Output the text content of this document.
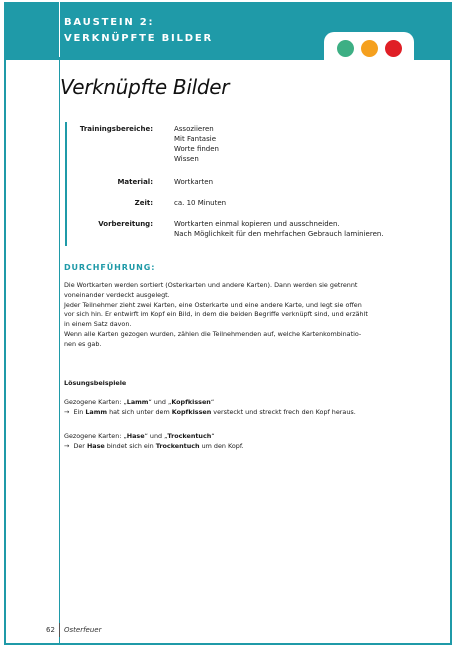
BAUSTEIN 2:
VERKNÜPFTE BILDER
Verknüpfte Bilder
Trainingsbereiche:	Assoziieren
Mit Fantasie
Worte finden
Wissen
Material:	Wortkarten
Zeit:	ca. 10 Minuten
Vorbereitung:	Wortkarten einmal kopieren und ausschneiden.
Nach Möglichkeit für den mehrfachen Gebrauch laminieren.
DURCHFÜHRUNG:
Die Wortkarten werden sortiert (Osterkarten und andere Karten). Dann werden sie getrennt
voneinander verdeckt ausgelegt.
Jeder Teilnehmer zieht zwei Karten, eine Osterkarte und eine andere Karte, und legt sie offen
vor sich hin. Er entwirft im Kopf ein Bild, in dem die beiden Begriffe verknüpft sind, und erzählt
in einem Satz davon.
Wenn alle Karten gezogen wurden, zählen die Teilnehmenden auf, welche Kartenkombinatio-
nen es gab.
Lösungsbeispiele
Gezogene Karten: „Lamm“ und „Kopfkissen“
→ Ein Lamm hat sich unter dem Kopfkissen versteckt und streckt frech den Kopf heraus.
Gezogene Karten: „Hase“ und „Trockentuch“
→ Der Hase bindet sich ein Trockentuch um den Kopf.
62 Osterfeuer
